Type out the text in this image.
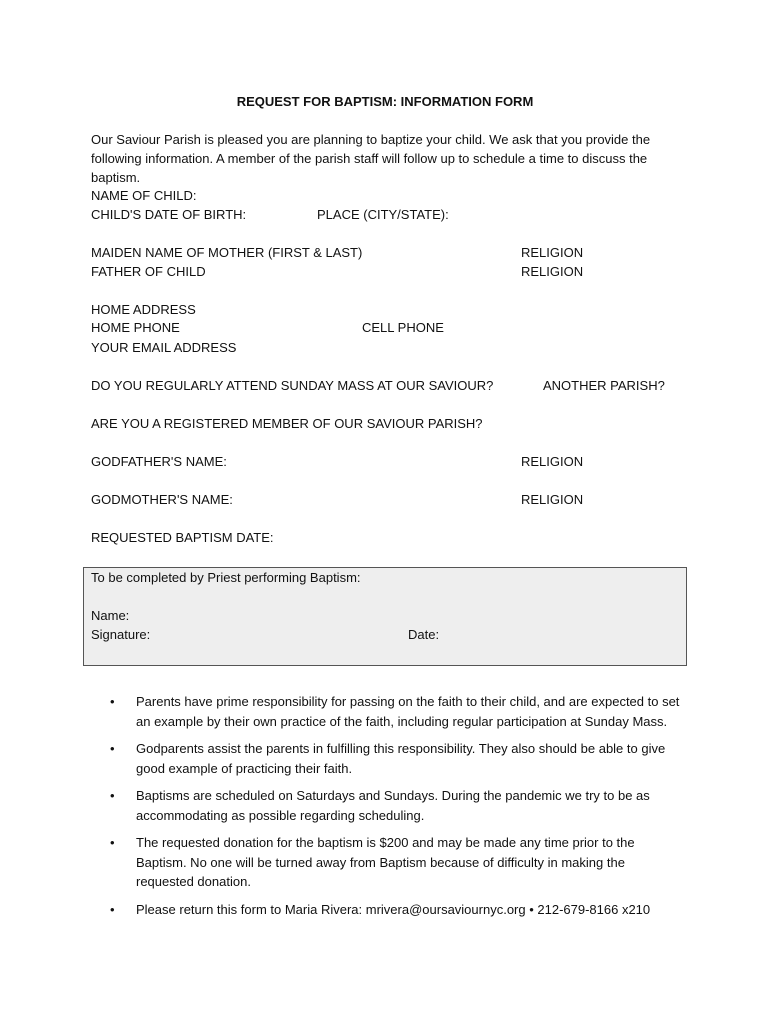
REQUEST FOR BAPTISM: INFORMATION FORM
Our Saviour Parish is pleased you are planning to baptize your child. We ask that you provide the following information. A member of the parish staff will follow up to schedule a time to discuss the baptism.
NAME OF CHILD:
CHILD'S DATE OF BIRTH:	PLACE (CITY/STATE):
MAIDEN NAME OF MOTHER (FIRST & LAST)	RELIGION
FATHER OF CHILD	RELIGION
HOME ADDRESS
HOME PHONE	CELL PHONE
YOUR EMAIL ADDRESS
DO YOU REGULARLY ATTEND SUNDAY MASS AT OUR SAVIOUR?	ANOTHER PARISH?
ARE YOU A REGISTERED MEMBER OF OUR SAVIOUR PARISH?
GODFATHER'S NAME:	RELIGION
GODMOTHER'S NAME:	RELIGION
REQUESTED BAPTISM DATE:
To be completed by Priest performing Baptism:
Name:
Signature:	Date:
• Parents have prime responsibility for passing on the faith to their child, and are expected to set an example by their own practice of the faith, including regular participation at Sunday Mass.
• Godparents assist the parents in fulfilling this responsibility. They also should be able to give good example of practicing their faith.
• Baptisms are scheduled on Saturdays and Sundays. During the pandemic we try to be as accommodating as possible regarding scheduling.
• The requested donation for the baptism is $200 and may be made any time prior to the Baptism. No one will be turned away from Baptism because of difficulty in making the requested donation.
• Please return this form to Maria Rivera: mrivera@oursaviournyc.org • 212-679-8166 x210
